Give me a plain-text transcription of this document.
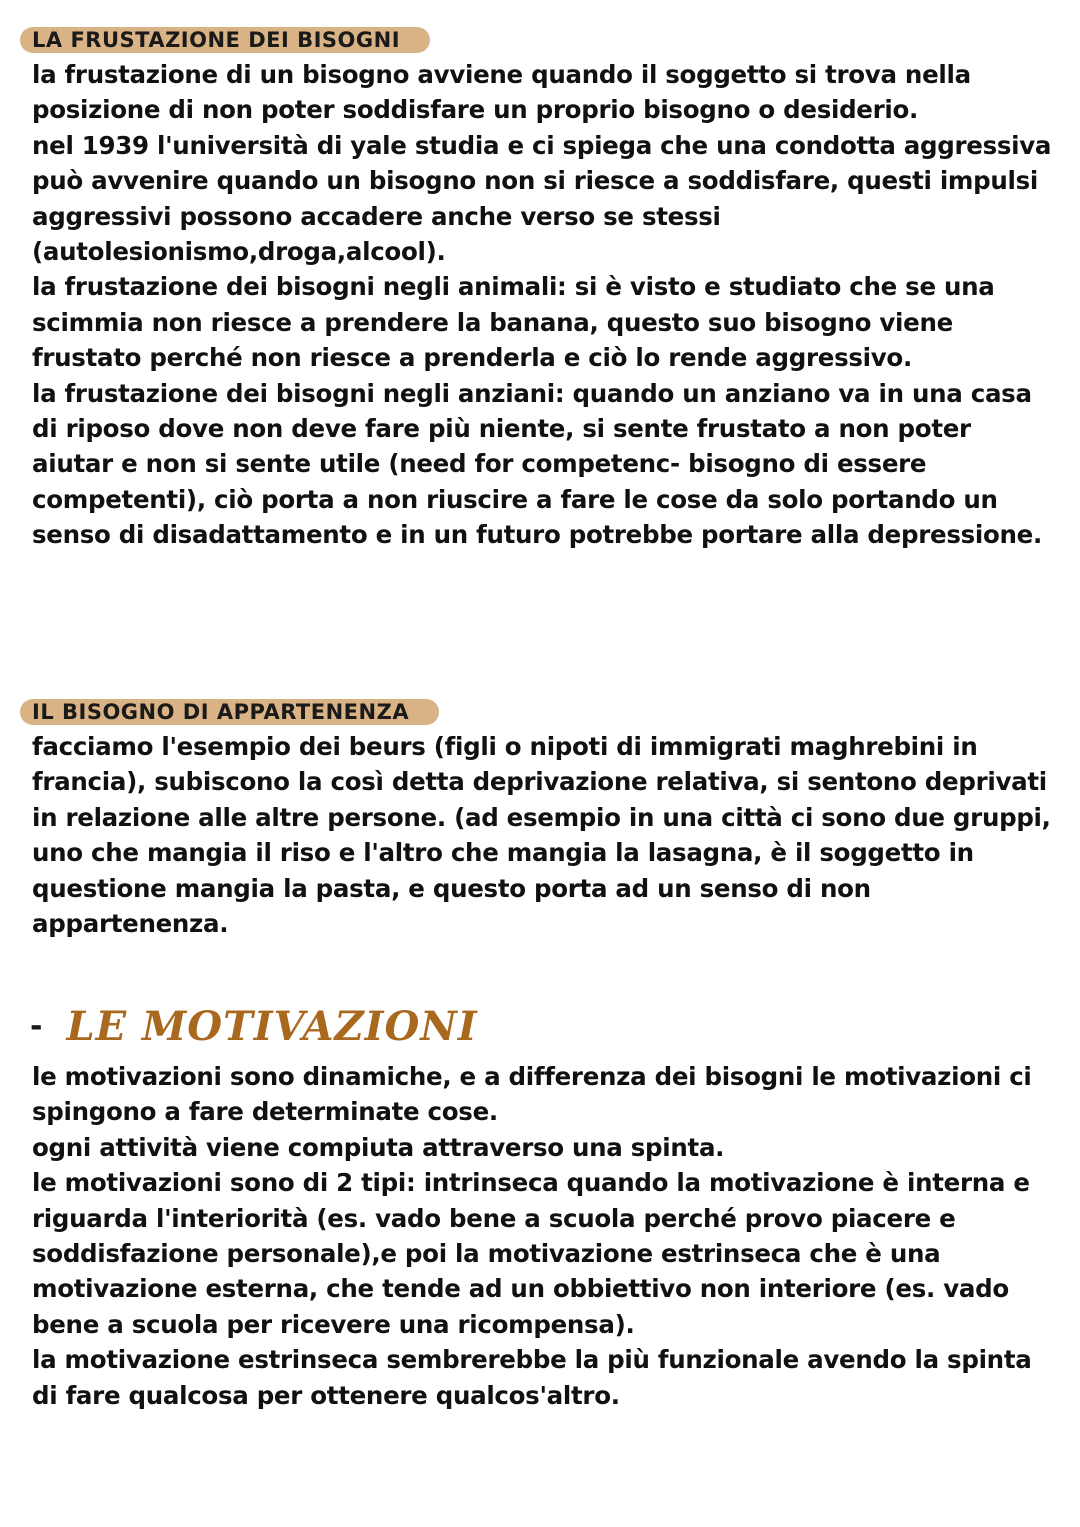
LA FRUSTAZIONE DEI BISOGNI

la frustazione di un bisogno avviene quando il soggetto si trova nella posizione di non poter soddisfare un proprio bisogno o desiderio.

nel 1939 l'università di yale studia e ci spiega che una condotta aggressiva può avvenire quando un bisogno non si riesce a soddisfare, questi impulsi aggressivi possono accadere anche verso se stessi (autolesionismo,droga,alcool).

la frustazione dei bisogni negli animali: si è visto e studiato che se una scimmia non riesce a prendere la banana, questo suo bisogno viene frustato perché non riesce a prenderla e ciò lo rende aggressivo.

la frustazione dei bisogni negli anziani: quando un anziano va in una casa di riposo dove non deve fare più niente, si sente frustato a non poter aiutar e non si sente utile (need for competenc- bisogno di essere competenti), ciò porta a non riuscire a fare le cose da solo portando un senso di disadattamento e in un futuro potrebbe portare alla depressione.

IL BISOGNO DI APPARTENENZA

facciamo l'esempio dei beurs (figli o nipoti di immigrati maghrebini in francia), subiscono la così detta deprivazione relativa, si sentono deprivati in relazione alle altre persone. (ad esempio in una città ci sono due gruppi, uno che mangia il riso e l'altro che mangia la lasagna, è il soggetto in questione mangia la pasta, e questo porta ad un senso di non appartenenza.

- LE MOTIVAZIONI

le motivazioni sono dinamiche, e a differenza dei bisogni le motivazioni ci spingono a fare determinate cose.

ogni attività viene compiuta attraverso una spinta.

le motivazioni sono di 2 tipi: intrinseca quando la motivazione è interna e riguarda l'interiorità (es. vado bene a scuola perché provo piacere e soddisfazione personale),e poi la motivazione estrinseca che è una motivazione esterna, che tende ad un obbiettivo non interiore (es. vado bene a scuola per ricevere una ricompensa).

la motivazione estrinseca sembrerebbe la più funzionale avendo la spinta di fare qualcosa per ottenere qualcos'altro.
